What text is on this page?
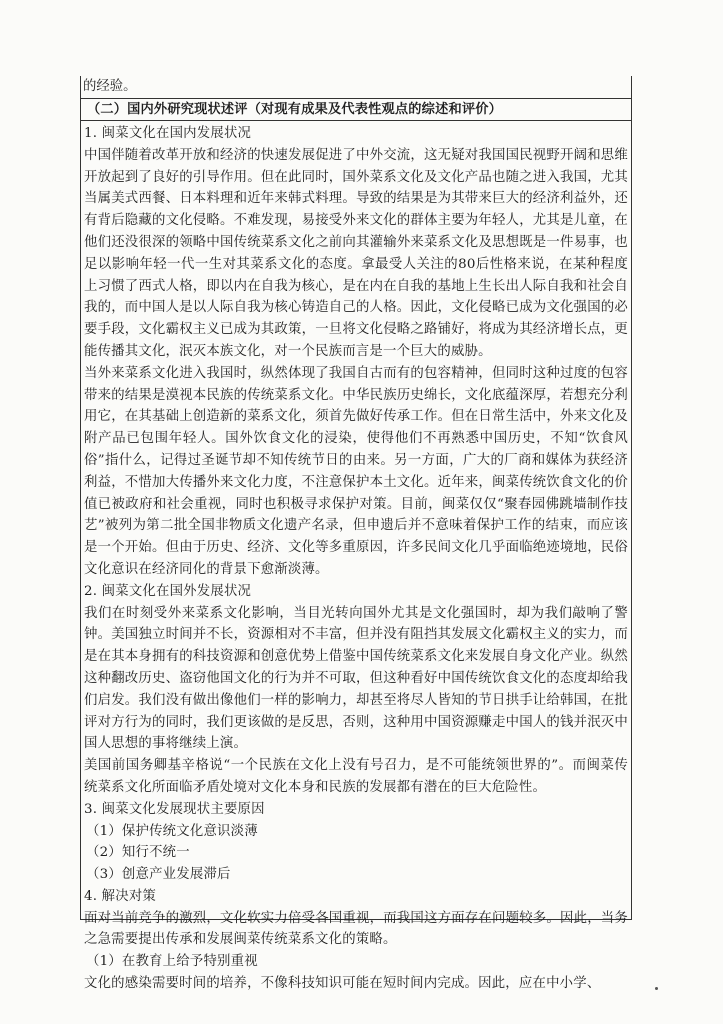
的经验。
（二）国内外研究现状述评（对现有成果及代表性观点的综述和评价）

1. 闽菜文化在国内发展状况

中国伴随着改革开放和经济的快速发展促进了中外交流，这无疑对我国国民视野开阔和思维开放起到了良好的引导作用。但在此同时，国外菜系文化及文化产品也随之进入我国，尤其当属美式西餐、日本料理和近年来韩式料理。导致的结果是为其带来巨大的经济利益外，还有背后隐藏的文化侵略。不难发现，易接受外来文化的群体主要为年轻人，尤其是儿童，在他们还没很深的领略中国传统菜系文化之前向其灌输外来菜系文化及思想既是一件易事，也足以影响年轻一代一生对其菜系文化的态度。拿最受人关注的80后性格来说，在某种程度上习惯了西式人格，即以内在自我为核心，是在内在自我的基地上生长出人际自我和社会自我的，而中国人是以人际自我为核心铸造自己的人格。因此，文化侵略已成为文化强国的必要手段，文化霸权主义已成为其政策，一旦将文化侵略之路铺好，将成为其经济增长点，更能传播其文化，泯灭本族文化，对一个民族而言是一个巨大的威胁。

当外来菜系文化进入我国时，纵然体现了我国自古而有的包容精神，但同时这种过度的包容带来的结果是漠视本民族的传统菜系文化。中华民族历史绵长，文化底蕴深厚，若想充分利用它，在其基础上创造新的菜系文化，须首先做好传承工作。但在日常生活中，外来文化及附产品已包围年轻人。国外饮食文化的浸染，使得他们不再熟悉中国历史，不知“饮食风俗”指什么，记得过圣诞节却不知传统节日的由来。另一方面，广大的厂商和媒体为获经济利益，不惜加大传播外来文化力度，不注意保护本土文化。近年来，闽菜传统饮食文化的价值已被政府和社会重视，同时也积极寻求保护对策。目前，闽菜仅仅“聚春园佛跳墙制作技艺”被列为第二批全国非物质文化遗产名录，但申遗后并不意味着保护工作的结束，而应该是一个开始。但由于历史、经济、文化等多重原因，许多民间文化几乎面临绝迹境地，民俗文化意识在经济同化的背景下愈渐淡薄。

2. 闽菜文化在国外发展状况

我们在时刻受外来菜系文化影响，当目光转向国外尤其是文化强国时，却为我们敲响了警钟。美国独立时间并不长，资源相对不丰富，但并没有阻挡其发展文化霸权主义的实力，而是在其本身拥有的科技资源和创意优势上借鉴中国传统菜系文化来发展自身文化产业。纵然这种翻改历史、盗窃他国文化的行为并不可取，但这种看好中国传统饮食文化的态度却给我们启发。我们没有做出像他们一样的影响力，却甚至将尽人皆知的节日拱手让给韩国，在批评对方行为的同时，我们更该做的是反思，否则，这种用中国资源赚走中国人的钱并泯灭中国人思想的事将继续上演。

美国前国务卿基辛格说“一个民族在文化上没有号召力，是不可能统领世界的”。而闽菜传统菜系文化所面临矛盾处境对文化本身和民族的发展都有潜在的巨大危险性。

3. 闽菜文化发展现状主要原因

（1）保护传统文化意识淡薄

（2）知行不统一

（3）创意产业发展滞后

4. 解决对策

面对当前竞争的激烈，文化软实力倍受各国重视，而我国这方面存在问题较多。因此，当务之急需要提出传承和发展闽菜传统菜系文化的策略。

（1）在教育上给予特别重视

文化的感染需要时间的培养，不像科技知识可能在短时间内完成。因此，应在中小学、
